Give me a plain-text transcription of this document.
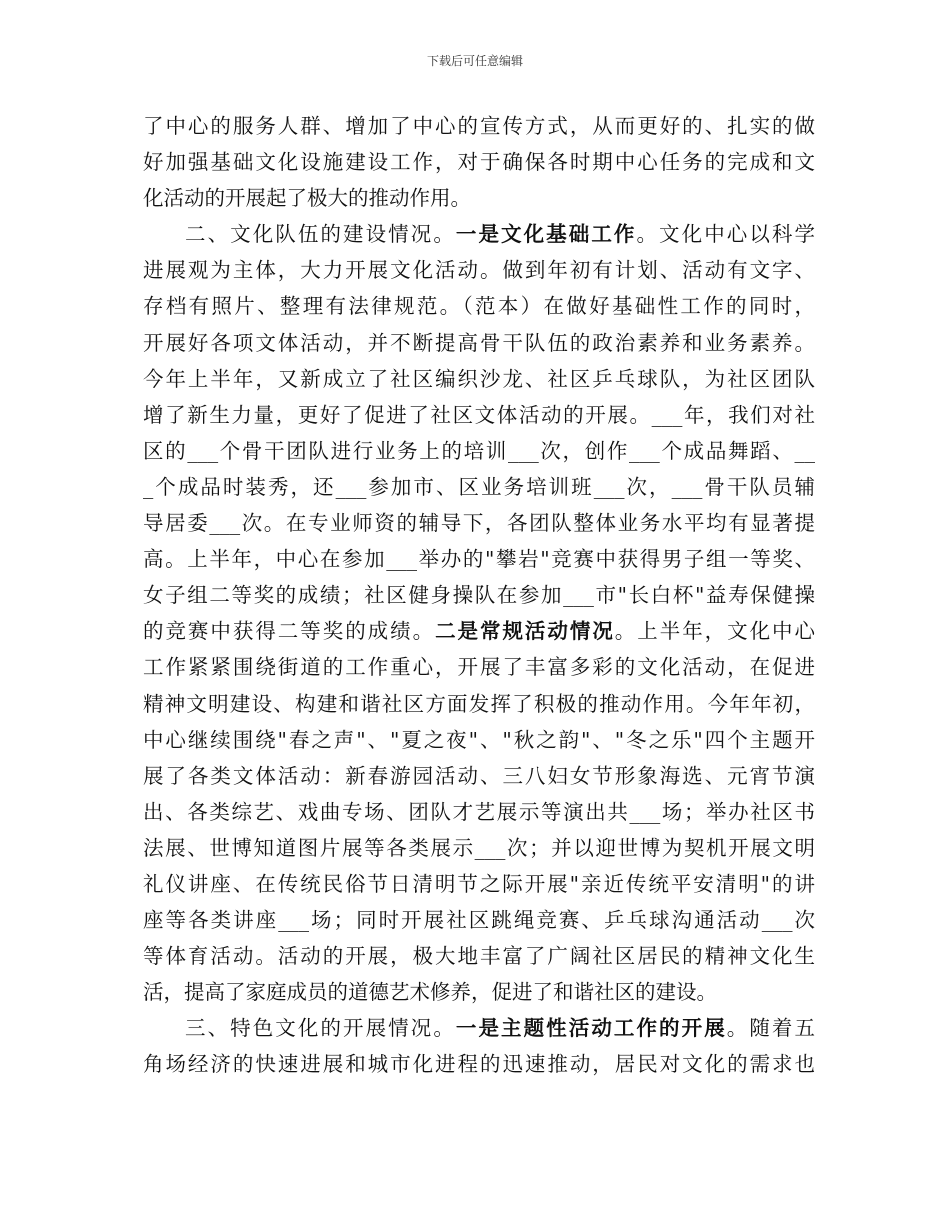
下载后可任意编辑
了中心的服务人群、增加了中心的宣传方式，从而更好的、扎实的做
好加强基础文化设施建设工作，对于确保各时期中心任务的完成和文
化活动的开展起了极大的推动作用。
二、文化队伍的建设情况。一是文化基础工作。文化中心以科学
进展观为主体，大力开展文化活动。做到年初有计划、活动有文字、
存档有照片、整理有法律规范。（范本）在做好基础性工作的同时，
开展好各项文体活动，并不断提高骨干队伍的政治素养和业务素养。
今年上半年，又新成立了社区编织沙龙、社区乒乓球队，为社区团队
增了新生力量，更好了促进了社区文体活动的开展。___年，我们对社
区的___个骨干团队进行业务上的培训___次，创作___个成品舞蹈、__
_个成品时装秀，还___参加市、区业务培训班___次，___骨干队员辅
导居委___次。在专业师资的辅导下，各团队整体业务水平均有显著提
高。上半年，中心在参加___举办的"攀岩"竞赛中获得男子组一等奖、
女子组二等奖的成绩；社区健身操队在参加___市"长白杯"益寿保健操
的竞赛中获得二等奖的成绩。二是常规活动情况。上半年，文化中心
工作紧紧围绕街道的工作重心，开展了丰富多彩的文化活动，在促进
精神文明建设、构建和谐社区方面发挥了积极的推动作用。今年年初，
中心继续围绕"春之声"、"夏之夜"、"秋之韵"、"冬之乐"四个主题开
展了各类文体活动：新春游园活动、三八妇女节形象海选、元宵节演
出、各类综艺、戏曲专场、团队才艺展示等演出共___场；举办社区书
法展、世博知道图片展等各类展示___次；并以迎世博为契机开展文明
礼仪讲座、在传统民俗节日清明节之际开展"亲近传统平安清明"的讲
座等各类讲座___场；同时开展社区跳绳竞赛、乒乓球沟通活动___次
等体育活动。活动的开展，极大地丰富了广阔社区居民的精神文化生
活，提高了家庭成员的道德艺术修养，促进了和谐社区的建设。
三、特色文化的开展情况。一是主题性活动工作的开展。随着五
角场经济的快速进展和城市化进程的迅速推动，居民对文化的需求也
